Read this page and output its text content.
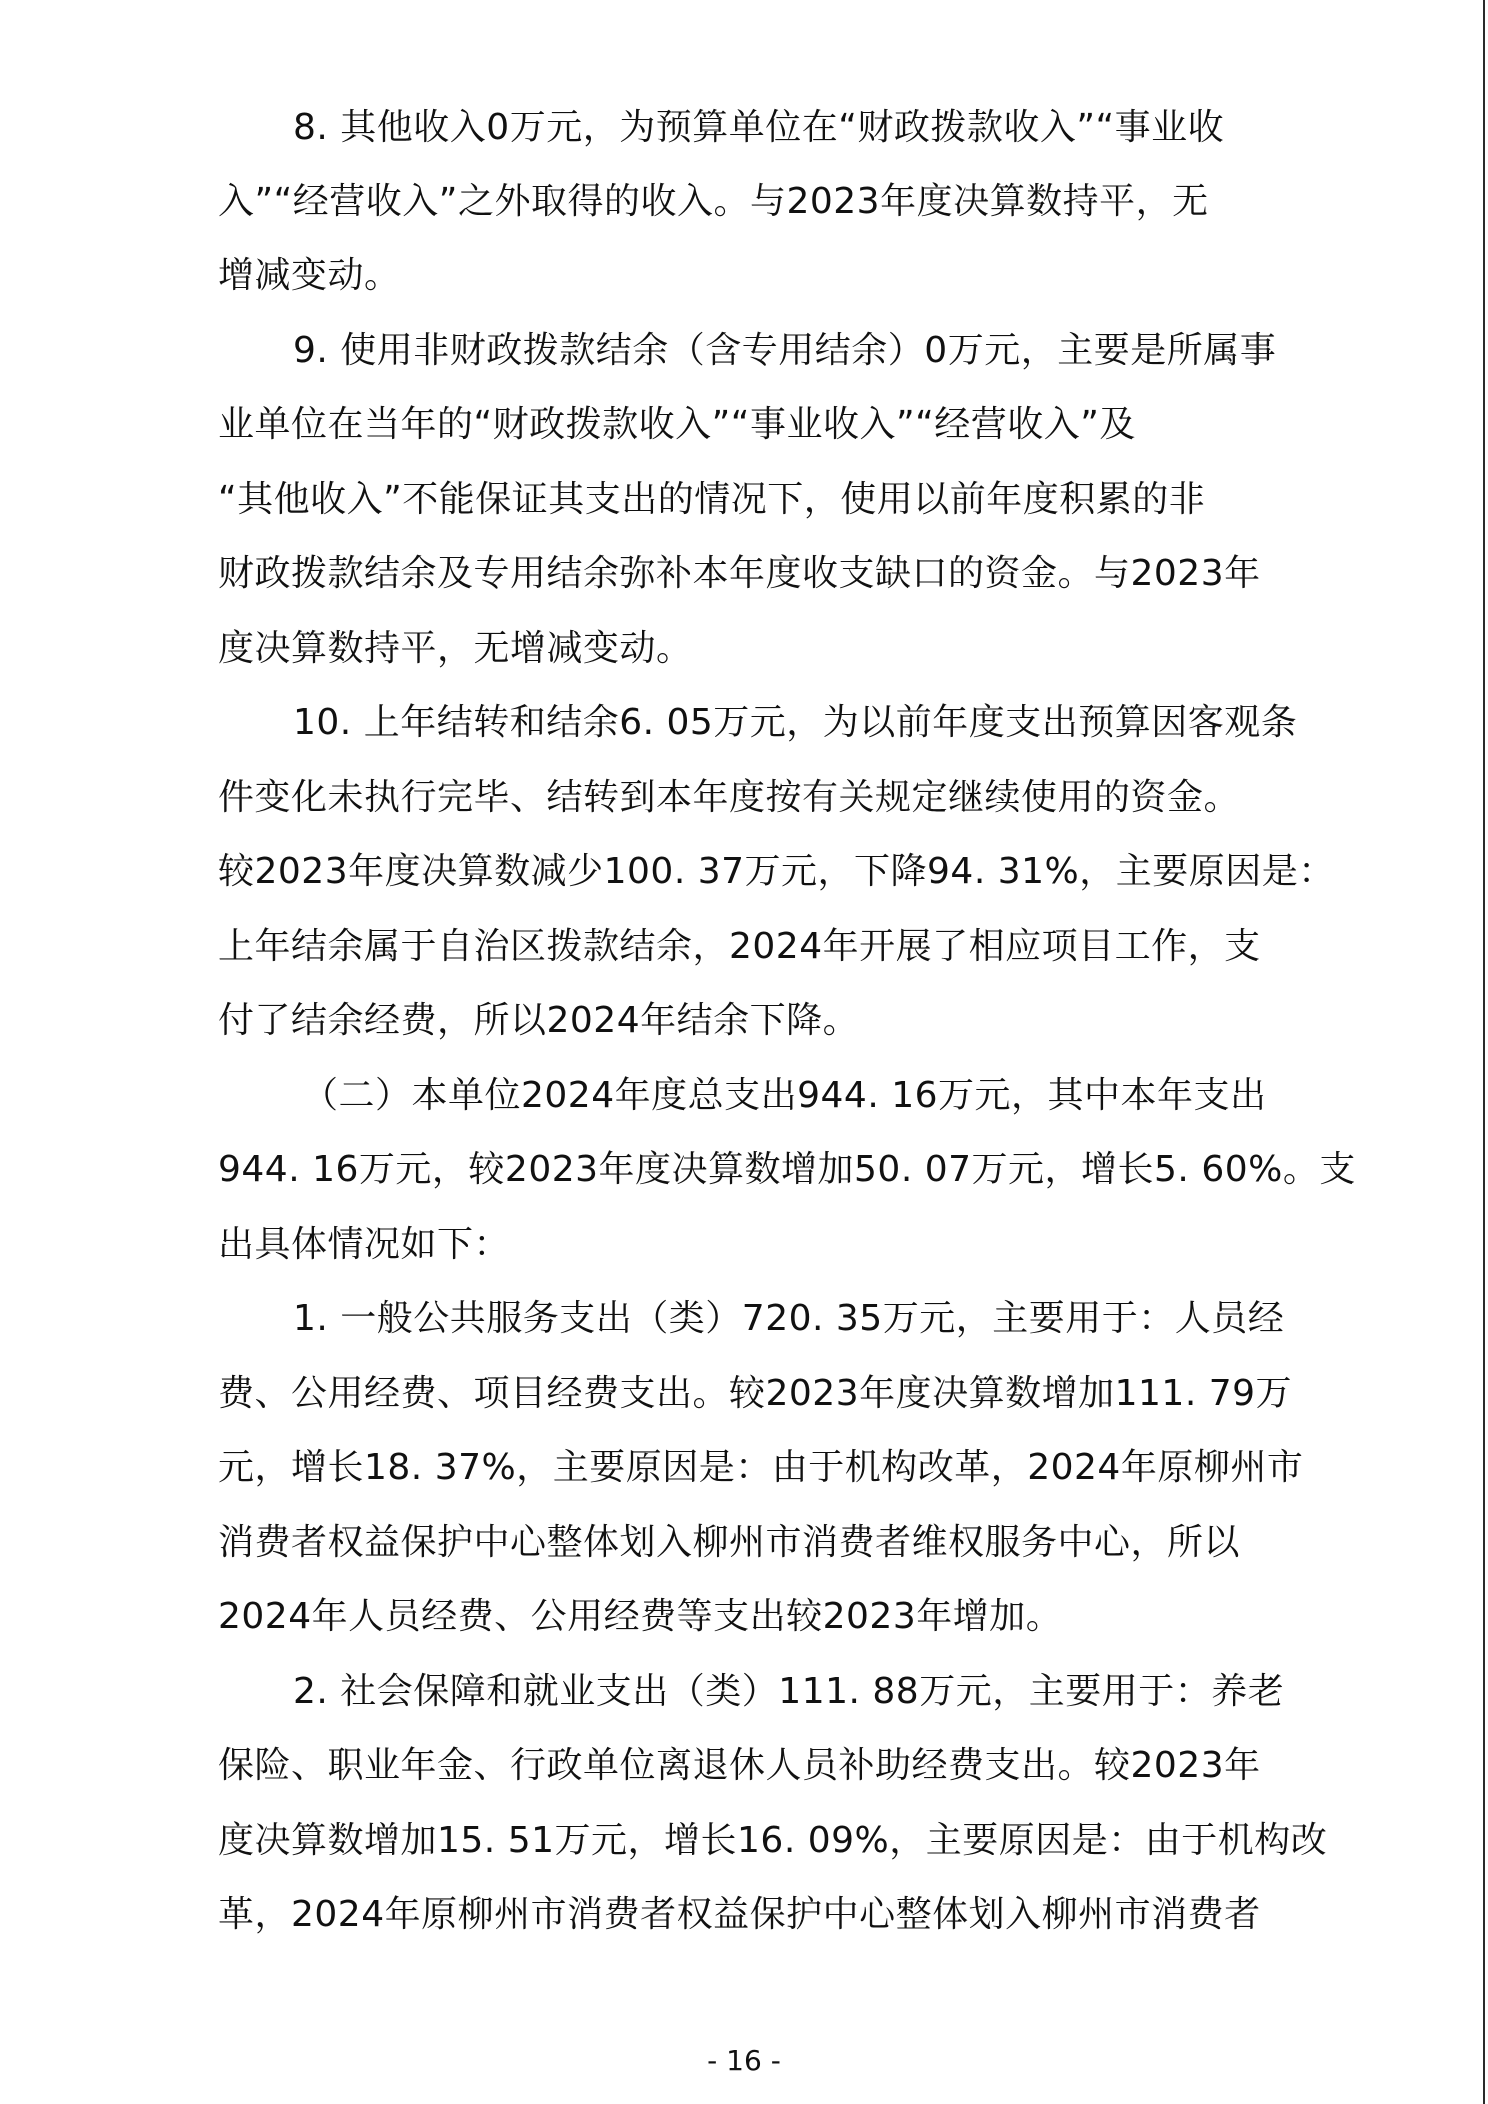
8. 其他收入0万元，为预算单位在“财政拨款收入”“事业收
入”“经营收入”之外取得的收入。与2023年度决算数持平，无
增减变动。
9. 使用非财政拨款结余（含专用结余）0万元，主要是所属事
业单位在当年的“财政拨款收入”“事业收入”“经营收入”及
“其他收入”不能保证其支出的情况下，使用以前年度积累的非
财政拨款结余及专用结余弥补本年度收支缺口的资金。与2023年
度决算数持平，无增减变动。
10. 上年结转和结余6. 05万元，为以前年度支出预算因客观条
件变化未执行完毕、结转到本年度按有关规定继续使用的资金。
较2023年度决算数减少100. 37万元，下降94. 31%，主要原因是：
上年结余属于自治区拨款结余，2024年开展了相应项目工作，支
付了结余经费，所以2024年结余下降。
（二）本单位2024年度总支出944. 16万元，其中本年支出
944. 16万元，较2023年度决算数增加50. 07万元，增长5. 60%。支
出具体情况如下：
1. 一般公共服务支出（类）720. 35万元，主要用于：人员经
费、公用经费、项目经费支出。较2023年度决算数增加111. 79万
元，增长18. 37%，主要原因是：由于机构改革，2024年原柳州市
消费者权益保护中心整体划入柳州市消费者维权服务中心，所以
2024年人员经费、公用经费等支出较2023年增加。
2. 社会保障和就业支出（类）111. 88万元，主要用于：养老
保险、职业年金、行政单位离退休人员补助经费支出。较2023年
度决算数增加15. 51万元，增长16. 09%，主要原因是：由于机构改
革，2024年原柳州市消费者权益保护中心整体划入柳州市消费者
- 16 -
